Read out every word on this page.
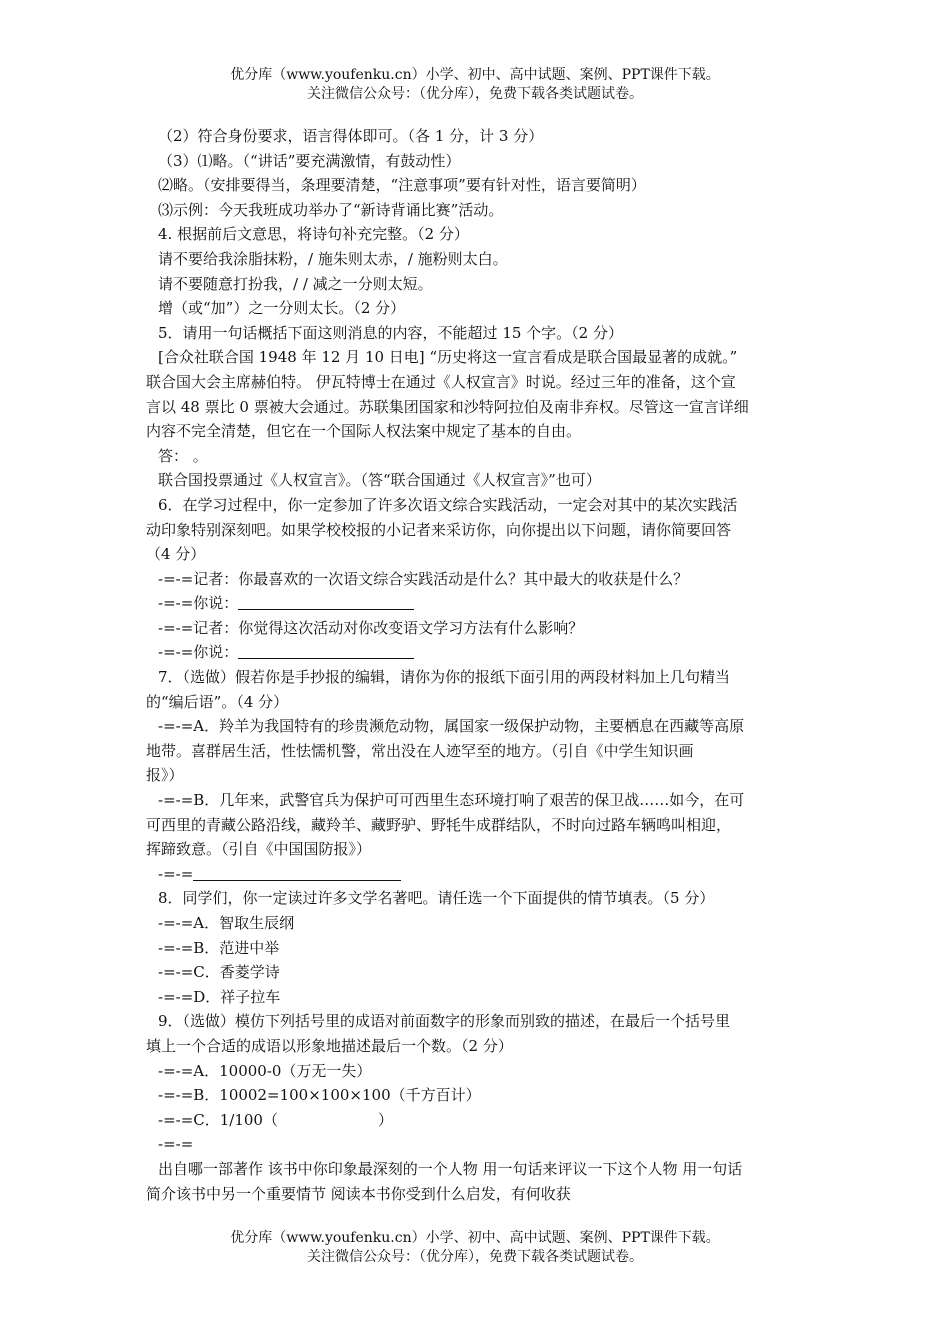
优分库（www.youfenku.cn）小学、初中、高中试题、案例、PPT课件下载。
关注微信公众号：（优分库），免费下载各类试题试卷。

（2）符合身份要求，语言得体即可。（各 1 分，计 3 分）

（3）⑴略。（“讲话”要充满激情，有鼓动性）

⑵略。（安排要得当，条理要清楚，“注意事项”要有针对性，语言要简明）

⑶示例：今天我班成功举办了“新诗背诵比赛”活动。

4. 根据前后文意思，将诗句补充完整。（2 分）

请不要给我涂脂抹粉，/ 施朱则太赤，/ 施粉则太白。

请不要随意打扮我，/ / 减之一分则太短。

增（或“加”）之一分则太长。（2 分）

5．请用一句话概括下面这则消息的内容，不能超过 15 个字。（2 分）

[合众社联合国 1948 年 12 月 10 日电] “历史将这一宣言看成是联合国最显著的成就。”

联合国大会主席赫伯特。 伊瓦特博士在通过《人权宣言》时说。经过三年的准备，这个宣

言以 48 票比 0 票被大会通过。苏联集团国家和沙特阿拉伯及南非弃权。尽管这一宣言详细

内容不完全清楚，但它在一个国际人权法案中规定了基本的自由。

答： 。

联合国投票通过《人权宣言》。（答“联合国通过《人权宣言》”也可）

6．在学习过程中，你一定参加了许多次语文综合实践活动，一定会对其中的某次实践活

动印象特别深刻吧。如果学校校报的小记者来采访你，向你提出以下问题，请你简要回答

（4 分）

-=-=记者：你最喜欢的一次语文综合实践活动是什么？其中最大的收获是什么？

-=-=你说：

-=-=记者：你觉得这次活动对你改变语文学习方法有什么影响？

-=-=你说：

7．（选做）假若你是手抄报的编辑，请你为你的报纸下面引用的两段材料加上几句精当

的“编后语”。（4 分）

-=-=A．羚羊为我国特有的珍贵濒危动物，属国家一级保护动物，主要栖息在西藏等高原

地带。喜群居生活，性怯懦机警，常出没在人迹罕至的地方。（引自《中学生知识画

报》）

-=-=B．几年来，武警官兵为保护可可西里生态环境打响了艰苦的保卫战……如今，在可

可西里的青藏公路沿线，藏羚羊、藏野驴、野牦牛成群结队，不时向过路车辆鸣叫相迎，

挥蹄致意。（引自《中国国防报》）

-=-=

8．同学们，你一定读过许多文学名著吧。请任选一个下面提供的情节填表。（5 分）

-=-=A．智取生辰纲

-=-=B．范进中举

-=-=C．香菱学诗

-=-=D．祥子拉车

9．（选做）模仿下列括号里的成语对前面数字的形象而别致的描述，在最后一个括号里

填上一个合适的成语以形象地描述最后一个数。（2 分）

-=-=A．10000-0（万无一失）

-=-=B．10002=100×100×100（千方百计）

-=-=C．1/100（	）

-=-=

出自哪一部著作 该书中你印象最深刻的一个人物 用一句话来评议一下这个人物 用一句话

简介该书中另一个重要情节 阅读本书你受到什么启发，有何收获

优分库（www.youfenku.cn）小学、初中、高中试题、案例、PPT课件下载。
关注微信公众号：（优分库），免费下载各类试题试卷。
